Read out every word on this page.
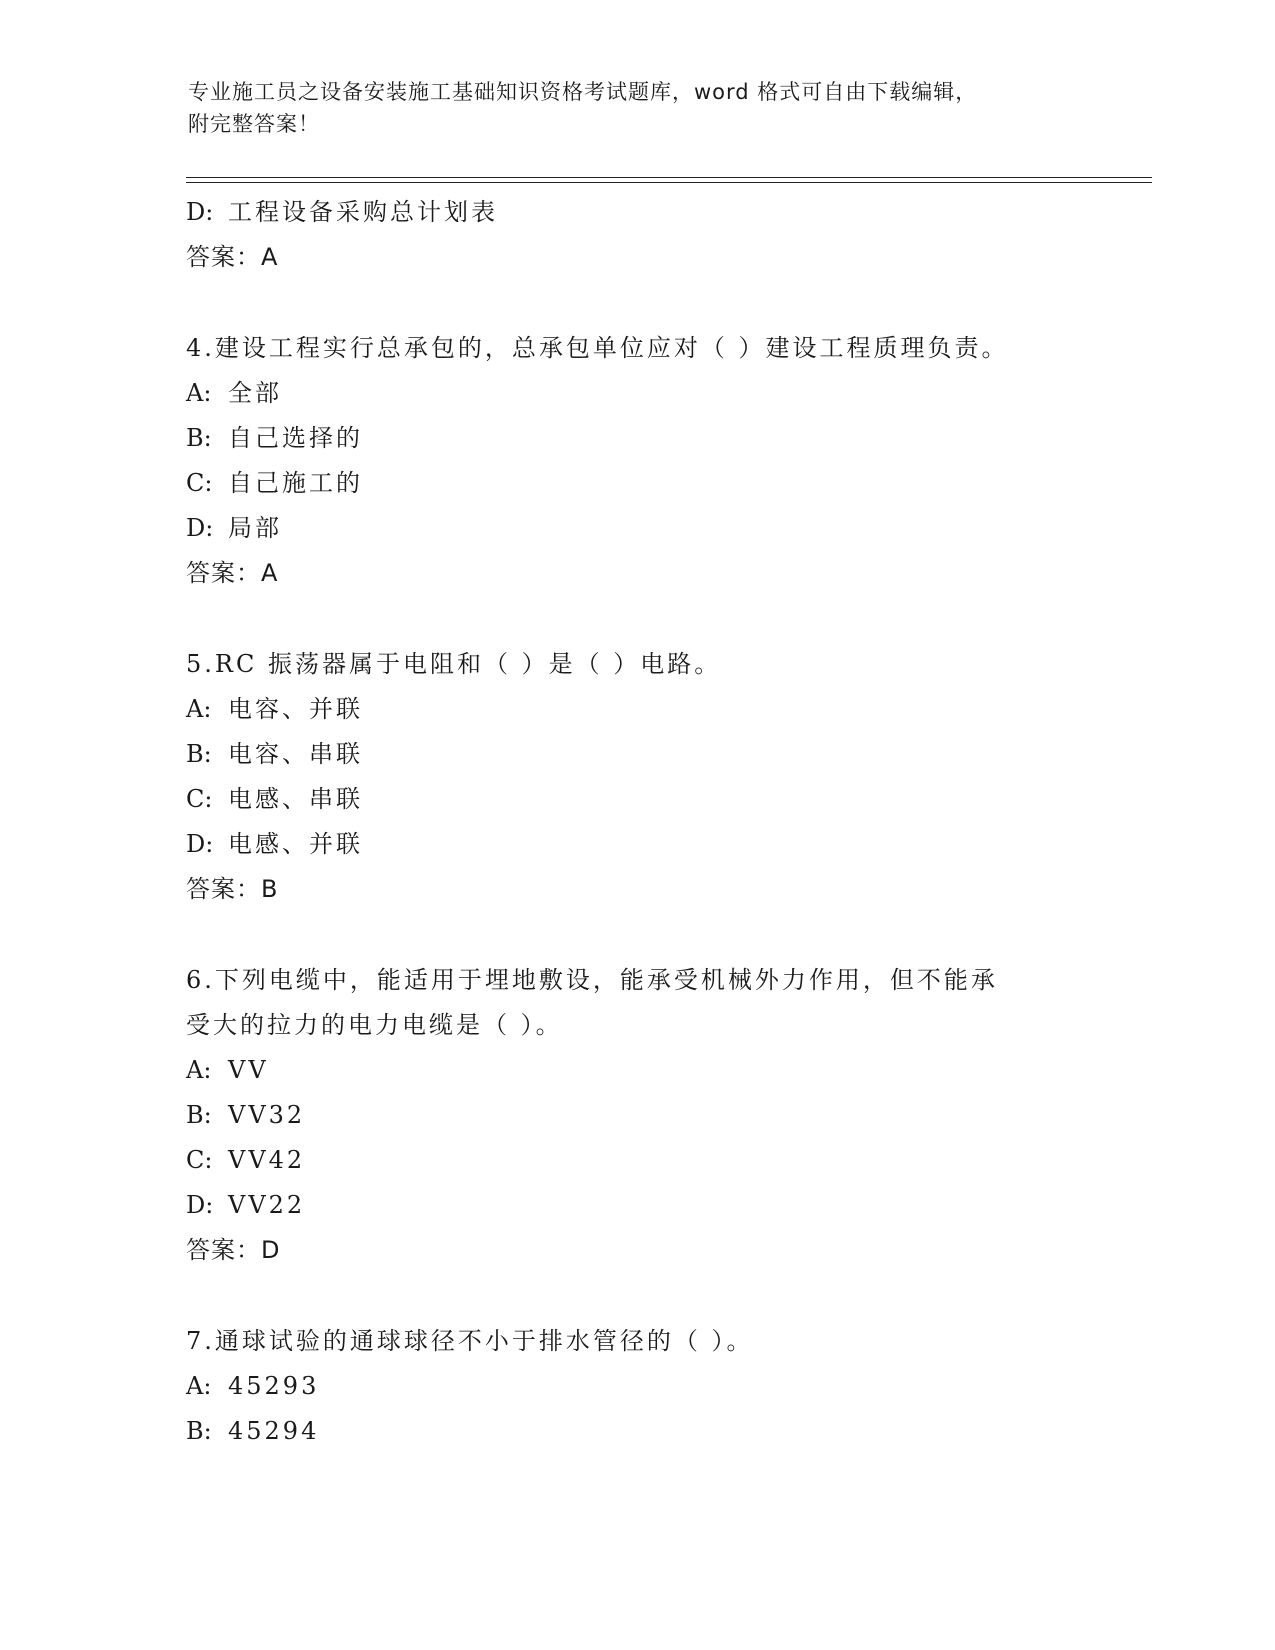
专业施工员之设备安装施工基础知识资格考试题库，word 格式可自由下载编辑，
附完整答案！
D: 工程设备采购总计划表
答案：A
4.建设工程实行总承包的，总承包单位应对（ ）建设工程质理负责。
A: 全部
B: 自己选择的
C: 自己施工的
D: 局部
答案：A
5.RC 振荡器属于电阻和（ ）是（ ）电路。
A: 电容、并联
B: 电容、串联
C: 电感、串联
D: 电感、并联
答案：B
6.下列电缆中，能适用于埋地敷设，能承受机械外力作用，但不能承
受大的拉力的电力电缆是（ ）。
A: VV
B: VV32
C: VV42
D: VV22
答案：D
7.通球试验的通球球径不小于排水管径的（ ）。
A: 45293
B: 45294
